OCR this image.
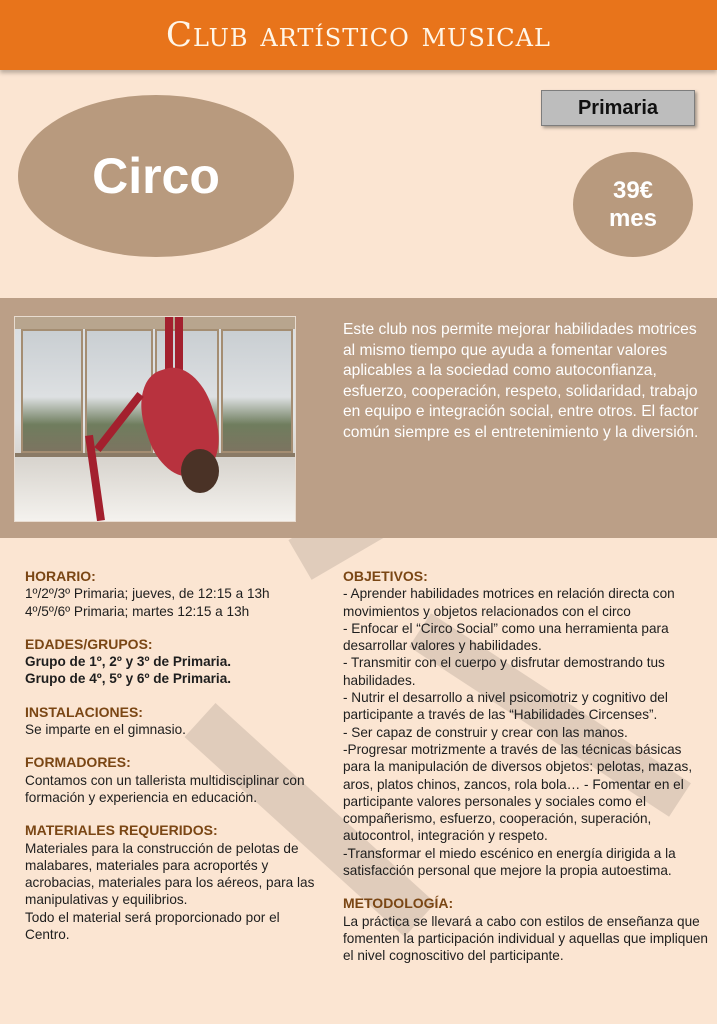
Club artístico musical
Primaria
Circo	39€
mes
Este club nos permite mejorar habilidades motrices al mismo tiempo que ayuda a fomentar valores aplicables a la sociedad como autoconfianza, esfuerzo, cooperación, respeto, solidaridad, trabajo en equipo e integración social, entre otros. El factor común siempre es el entretenimiento y la diversión.

HORARIO:

1º/2º/3º Primaria; jueves, de 12:15 a 13h

4º/5º/6º Primaria; martes 12:15 a 13h

EDADES/GRUPOS:

Grupo de 1º, 2º y 3º de Primaria.

Grupo de 4º, 5º y 6º de Primaria.

INSTALACIONES:

Se imparte en el gimnasio.

FORMADORES:

Contamos con un tallerista multidisciplinar con formación y experiencia en educación.

MATERIALES REQUERIDOS:

Materiales para la construcción de pelotas de malabares, materiales para acroportés y acrobacias, materiales para los aéreos, para las manipulativas y equilibrios.

Todo el material será proporcionado por el Centro.

OBJETIVOS:

- Aprender habilidades motrices en relación directa con movimientos y objetos relacionados con el circo

- Enfocar el “Circo Social” como una herramienta para desarrollar valores y habilidades.

- Transmitir con el cuerpo y disfrutar demostrando tus habilidades.

- Nutrir el desarrollo a nivel psicomotriz y cognitivo del participante a través de las “Habilidades Circenses”.

- Ser capaz de construir y crear con las manos.

-Progresar motrizmente a través de las técnicas básicas para la manipulación de diversos objetos: pelotas, mazas, aros, platos chinos, zancos, rola bola… - Fomentar en el participante valores personales y sociales como el compañerismo, esfuerzo, cooperación, superación, autocontrol, integración y respeto.

-Transformar el miedo escénico en energía dirigida a la satisfacción personal que mejore la propia autoestima.

METODOLOGÍA:

La práctica se llevará a cabo con estilos de enseñanza que fomenten la participación individual y aquellas que impliquen el nivel cognoscitivo del participante.
